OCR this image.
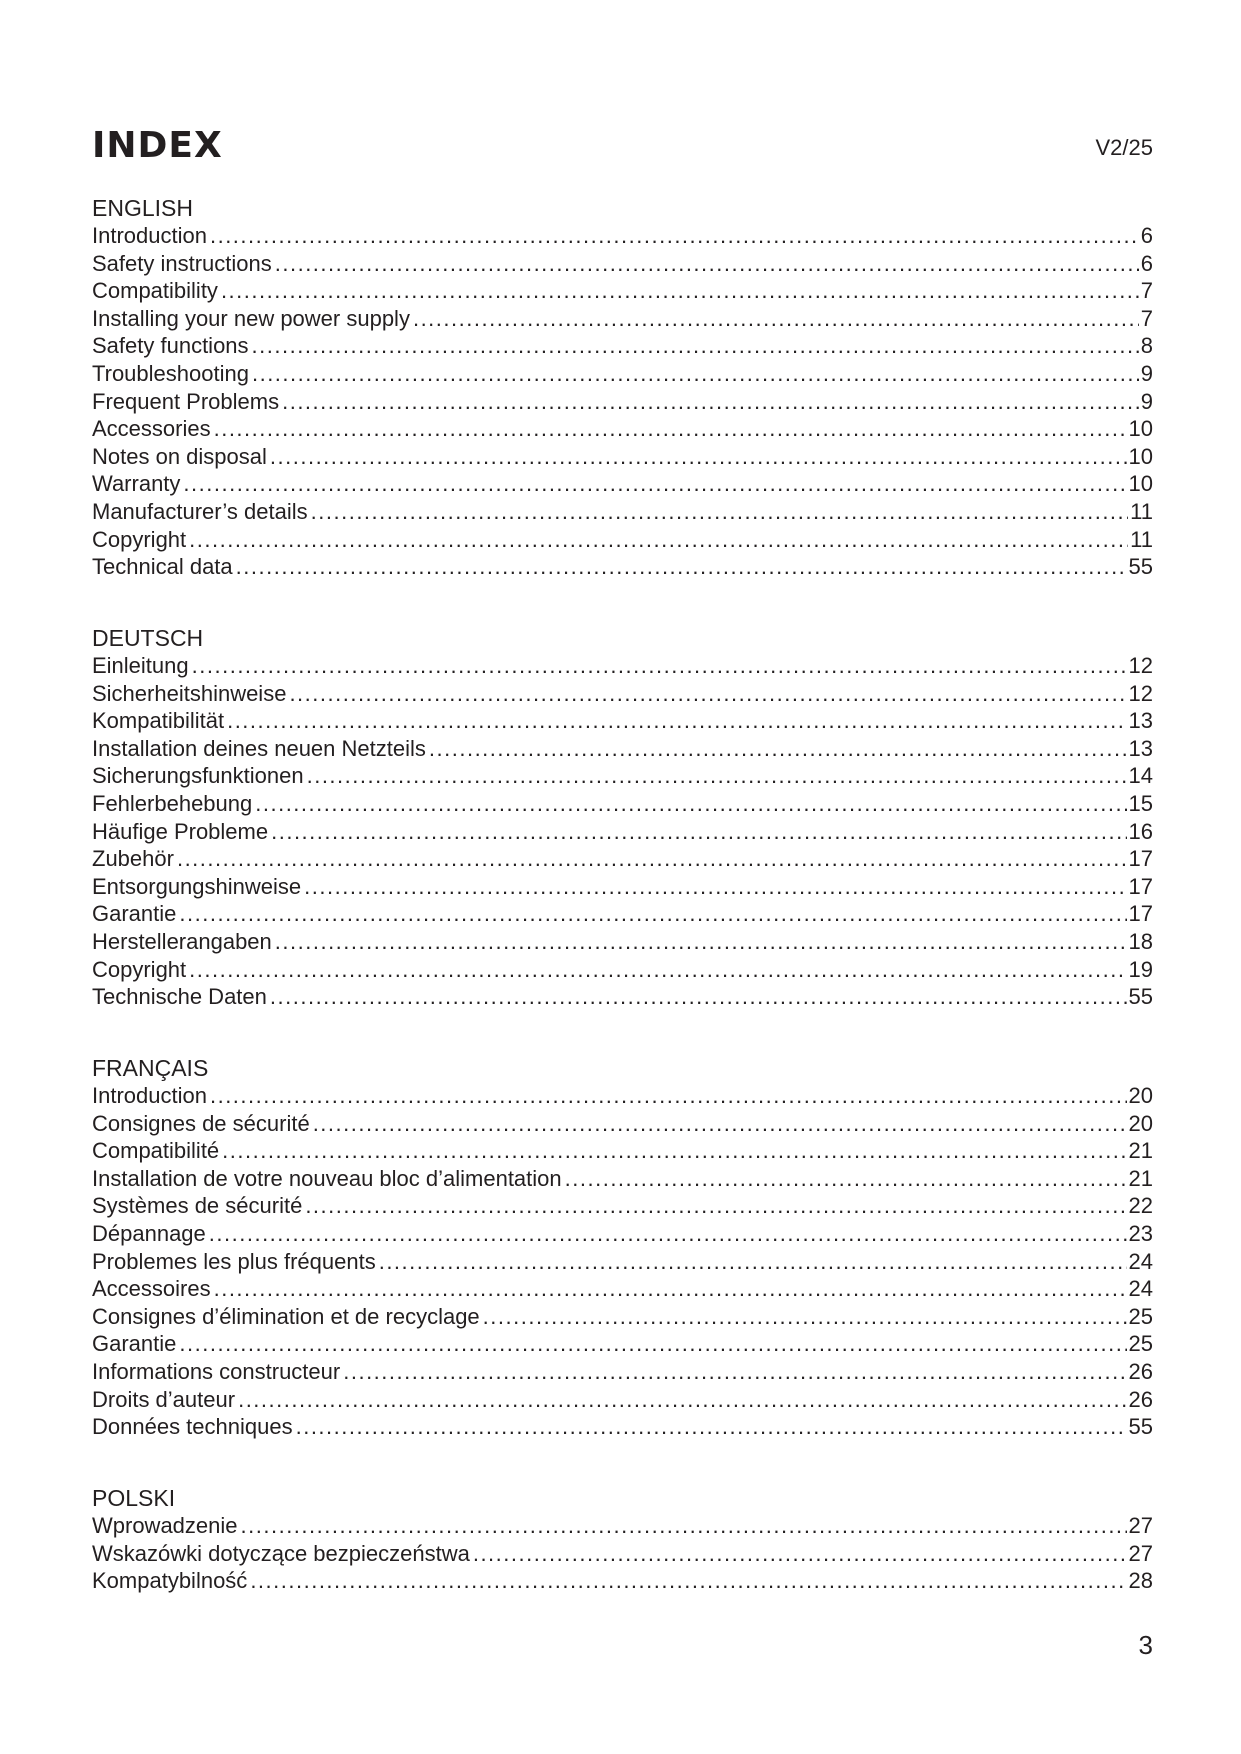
INDEX	V2/25
ENGLISH
Introduction .....	6
Safety instructions .....	6
Compatibility .....	7
Installing your new power supply .....	7
Safety functions .....	8
Troubleshooting .....	9
Frequent Problems .....	9
Accessories .....	10
Notes on disposal .....	10
Warranty .....	10
Manufacturer’s details .....	11
Copyright .....	11
Technical data .....	55
DEUTSCH
Einleitung .....	12
Sicherheitshinweise .....	12
Kompatibilität .....	13
Installation deines neuen Netzteils .....	13
Sicherungsfunktionen .....	14
Fehlerbehebung .....	15
Häufige Probleme .....	16
Zubehör .....	17
Entsorgungshinweise .....	17
Garantie .....	17
Herstellerangaben .....	18
Copyright .....	19
Technische Daten .....	55
FRANÇAIS
Introduction .....	20
Consignes de sécurité .....	20
Compatibilité .....	21
Installation de votre nouveau bloc d’alimentation .....	21
Systèmes de sécurité .....	22
Dépannage .....	23
Problemes les plus fréquents .....	24
Accessoires .....	24
Consignes d’élimination et de recyclage .....	25
Garantie .....	25
Informations constructeur .....	26
Droits d’auteur .....	26
Données techniques .....	55
POLSKI
Wprowadzenie .....	27
Wskazówki dotyczące bezpieczeństwa .....	27
Kompatybilność .....	28
3
